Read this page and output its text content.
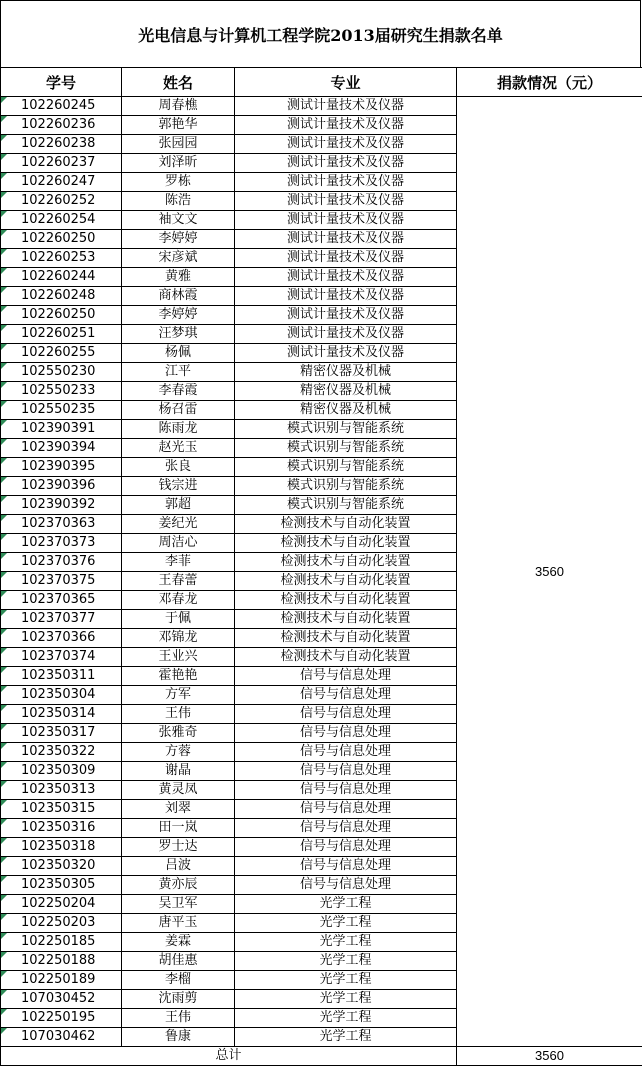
光电信息与计算机工程学院2013届研究生捐款名单
学号	姓名	专业	捐款情况（元）

102260245	周春樵	测试计量技术及仪器	3560

102260236	郭艳华	测试计量技术及仪器	

102260238	张园园	测试计量技术及仪器	

102260237	刘泽昕	测试计量技术及仪器	

102260247	罗栋	测试计量技术及仪器	

102260252	陈浩	测试计量技术及仪器	

102260254	袖文文	测试计量技术及仪器	

102260250	李婷婷	测试计量技术及仪器	

102260253	宋彦斌	测试计量技术及仪器	

102260244	黄雅	测试计量技术及仪器	

102260248	商林霞	测试计量技术及仪器	

102260250	李婷婷	测试计量技术及仪器	

102260251	汪梦琪	测试计量技术及仪器	

102260255	杨佩	测试计量技术及仪器	

102550230	江平	精密仪器及机械	

102550233	李春霞	精密仪器及机械	

102550235	杨召雷	精密仪器及机械	

102390391	陈雨龙	模式识别与智能系统	

102390394	赵光玉	模式识别与智能系统	

102390395	张良	模式识别与智能系统	

102390396	钱宗进	模式识别与智能系统	

102390392	郭超	模式识别与智能系统	

102370363	姜纪光	检测技术与自动化装置	

102370373	周洁心	检测技术与自动化装置	

102370376	李菲	检测技术与自动化装置	

102370375	王春蕾	检测技术与自动化装置	

102370365	邓春龙	检测技术与自动化装置	

102370377	于佩	检测技术与自动化装置	

102370366	邓锦龙	检测技术与自动化装置	

102370374	王业兴	检测技术与自动化装置	

102350311	霍艳艳	信号与信息处理	

102350304	方军	信号与信息处理	

102350314	王伟	信号与信息处理	

102350317	张雅奇	信号与信息处理	

102350322	方蓉	信号与信息处理	

102350309	谢晶	信号与信息处理	

102350313	黄灵凤	信号与信息处理	

102350315	刘翠	信号与信息处理	

102350316	田一岚	信号与信息处理	

102350318	罗士达	信号与信息处理	

102350320	吕波	信号与信息处理	

102350305	黄亦辰	信号与信息处理	

102250204	吴卫军	光学工程	

102250203	唐平玉	光学工程	

102250185	姜霖	光学工程	

102250188	胡佳惠	光学工程	

102250189	李榴	光学工程	

107030452	沈雨剪	光学工程	

102250195	王伟	光学工程	

107030462	鲁康	光学工程	
总计			3560
